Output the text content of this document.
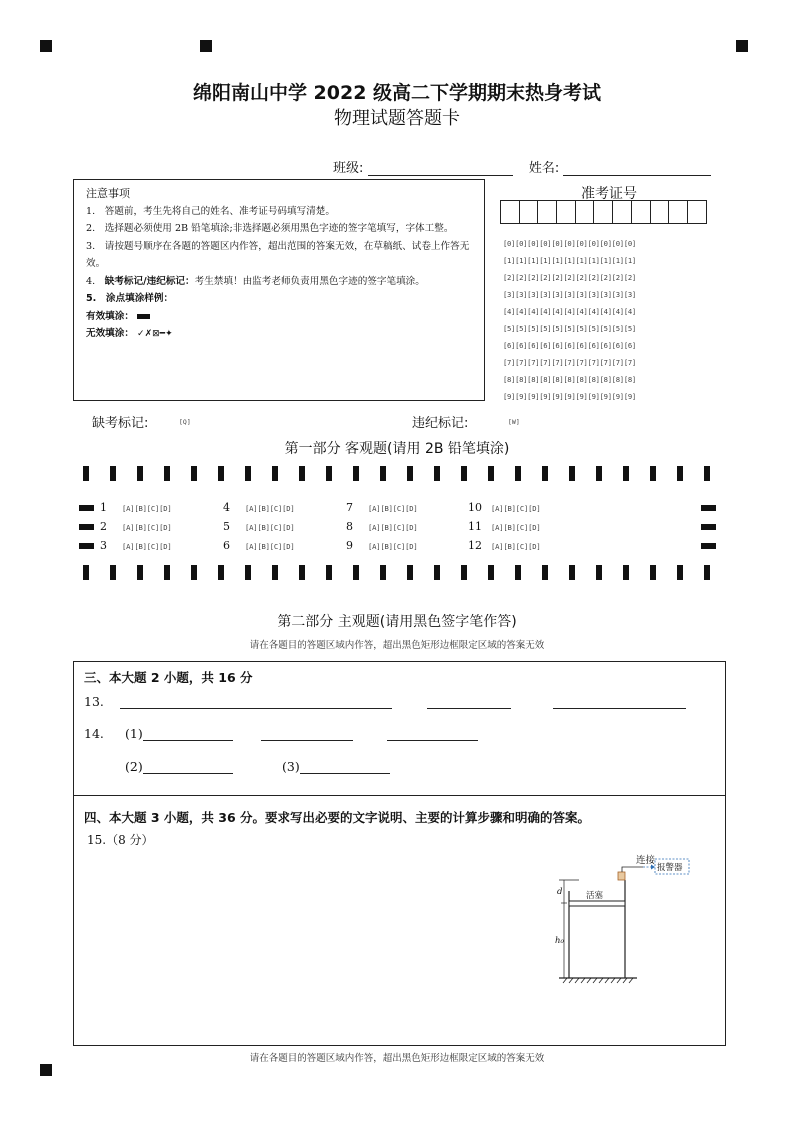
绵阳南山中学 2022 级高二下学期期末热身考试
物理试题答题卡
班级:	姓名:

注意事项

1.　答题前，考生先将自己的姓名、准考证号码填写清楚。

2.　选择题必须使用 2B 铅笔填涂;非选择题必须用黑色字迹的签字笔填写，字体工整。

3.　请按题号顺序在各题的答题区内作答，超出范围的答案无效，在草稿纸、试卷上作答无效。

4.　缺考标记/违纪标记：考生禁填！由监考老师负责用黑色字迹的签字笔填涂。

5.　涂点填涂样例：

有效填涂：

无效填涂： ✓✗⊠━✦

准考证号
[0][0][0][0][0][0][0][0][0][0][0]
[1][1][1][1][1][1][1][1][1][1][1]
[2][2][2][2][2][2][2][2][2][2][2]
[3][3][3][3][3][3][3][3][3][3][3]
[4][4][4][4][4][4][4][4][4][4][4]
[5][5][5][5][5][5][5][5][5][5][5]
[6][6][6][6][6][6][6][6][6][6][6]
[7][7][7][7][7][7][7][7][7][7][7]
[8][8][8][8][8][8][8][8][8][8][8]
[9][9][9][9][9][9][9][9][9][9][9]
缺考标记:	[Q]	违纪标记:	[W]
第一部分 客观题(请用 2B 铅笔填涂)
1 [A][B][C][D]
2 [A][B][C][D]
3 [A][B][C][D]
4 [A][B][C][D]
5 [A][B][C][D]
6 [A][B][C][D]
7 [A][B][C][D]
8 [A][B][C][D]
9 [A][B][C][D]
10 [A][B][C][D]
11 [A][B][C][D]
12 [A][B][C][D]
第二部分 主观题(请用黑色签字笔作答)
请在各题目的答题区域内作答，超出黑色矩形边框限定区域的答案无效
三、本大题 2 小题，共 16 分
13.
14. (1)
(2)	(3)
四、本大题 3 小题，共 36 分。要求写出必要的文字说明、主要的计算步骤和明确的答案。
15.（8 分）
连接
报警器
活塞
d
h₀
请在各题目的答题区域内作答，超出黑色矩形边框限定区域的答案无效
